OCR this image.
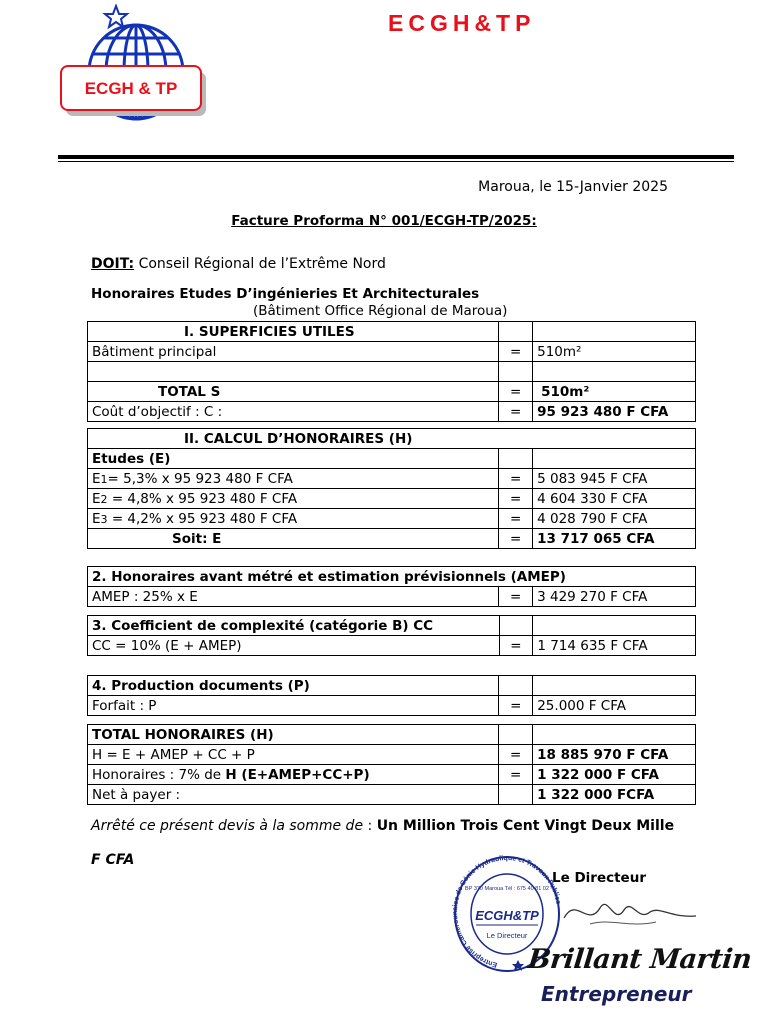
ECGH & TP
ECGH&TP
Maroua, le 15-Janvier 2025
Facture Proforma N° 001/ECGH-TP/2025:
DOIT: Conseil Régional de l’Extrême Nord
Honoraires Etudes D’ingénieries Et Architecturales
(Bâtiment Office Régional de Maroua)
I. SUPERFICIES UTILES		
Bâtiment principal	=	510m²

TOTAL S	=	510m²
Coût d’objectif : C :	=	95 923 480 F CFA
II. CALCUL D’HONORAIRES (H)		
Etudes (E)		
E1= 5,3% x 95 923 480 F CFA	=	5 083 945 F CFA
E2 = 4,8% x 95 923 480 F CFA	=	4 604 330 F CFA
E3 = 4,2% x 95 923 480 F CFA	=	4 028 790 F CFA
Soit: E	=	13 717 065 CFA
2. Honoraires avant métré et estimation prévisionnels (AMEP)
AMEP : 25% x E	=	3 429 270 F CFA
3. Coefficient de complexité (catégorie B) CC		
CC = 10% (E + AMEP)	=	1 714 635 F CFA
4. Production documents (P)		
Forfait : P	=	25.000 F CFA
TOTAL HONORAIRES (H)		
H = E + AMEP + CC + P	=	18 885 970 F CFA
Honoraires : 7% de H (E+AMEP+CC+P)	=	1 322 000 F CFA
Net à payer :		1 322 000 FCFA
Arrêté ce présent devis à la somme de : Un Million Trois Cent Vingt Deux Mille
F CFA
Entreprise Camerounaise de Génie Hydraulique et Travaux Publics
BP 370 Maroua Tél : 675 40 81 02
ECGH&TP
Le Directeur
Le Directeur
Brillant Martin
Entrepreneur
